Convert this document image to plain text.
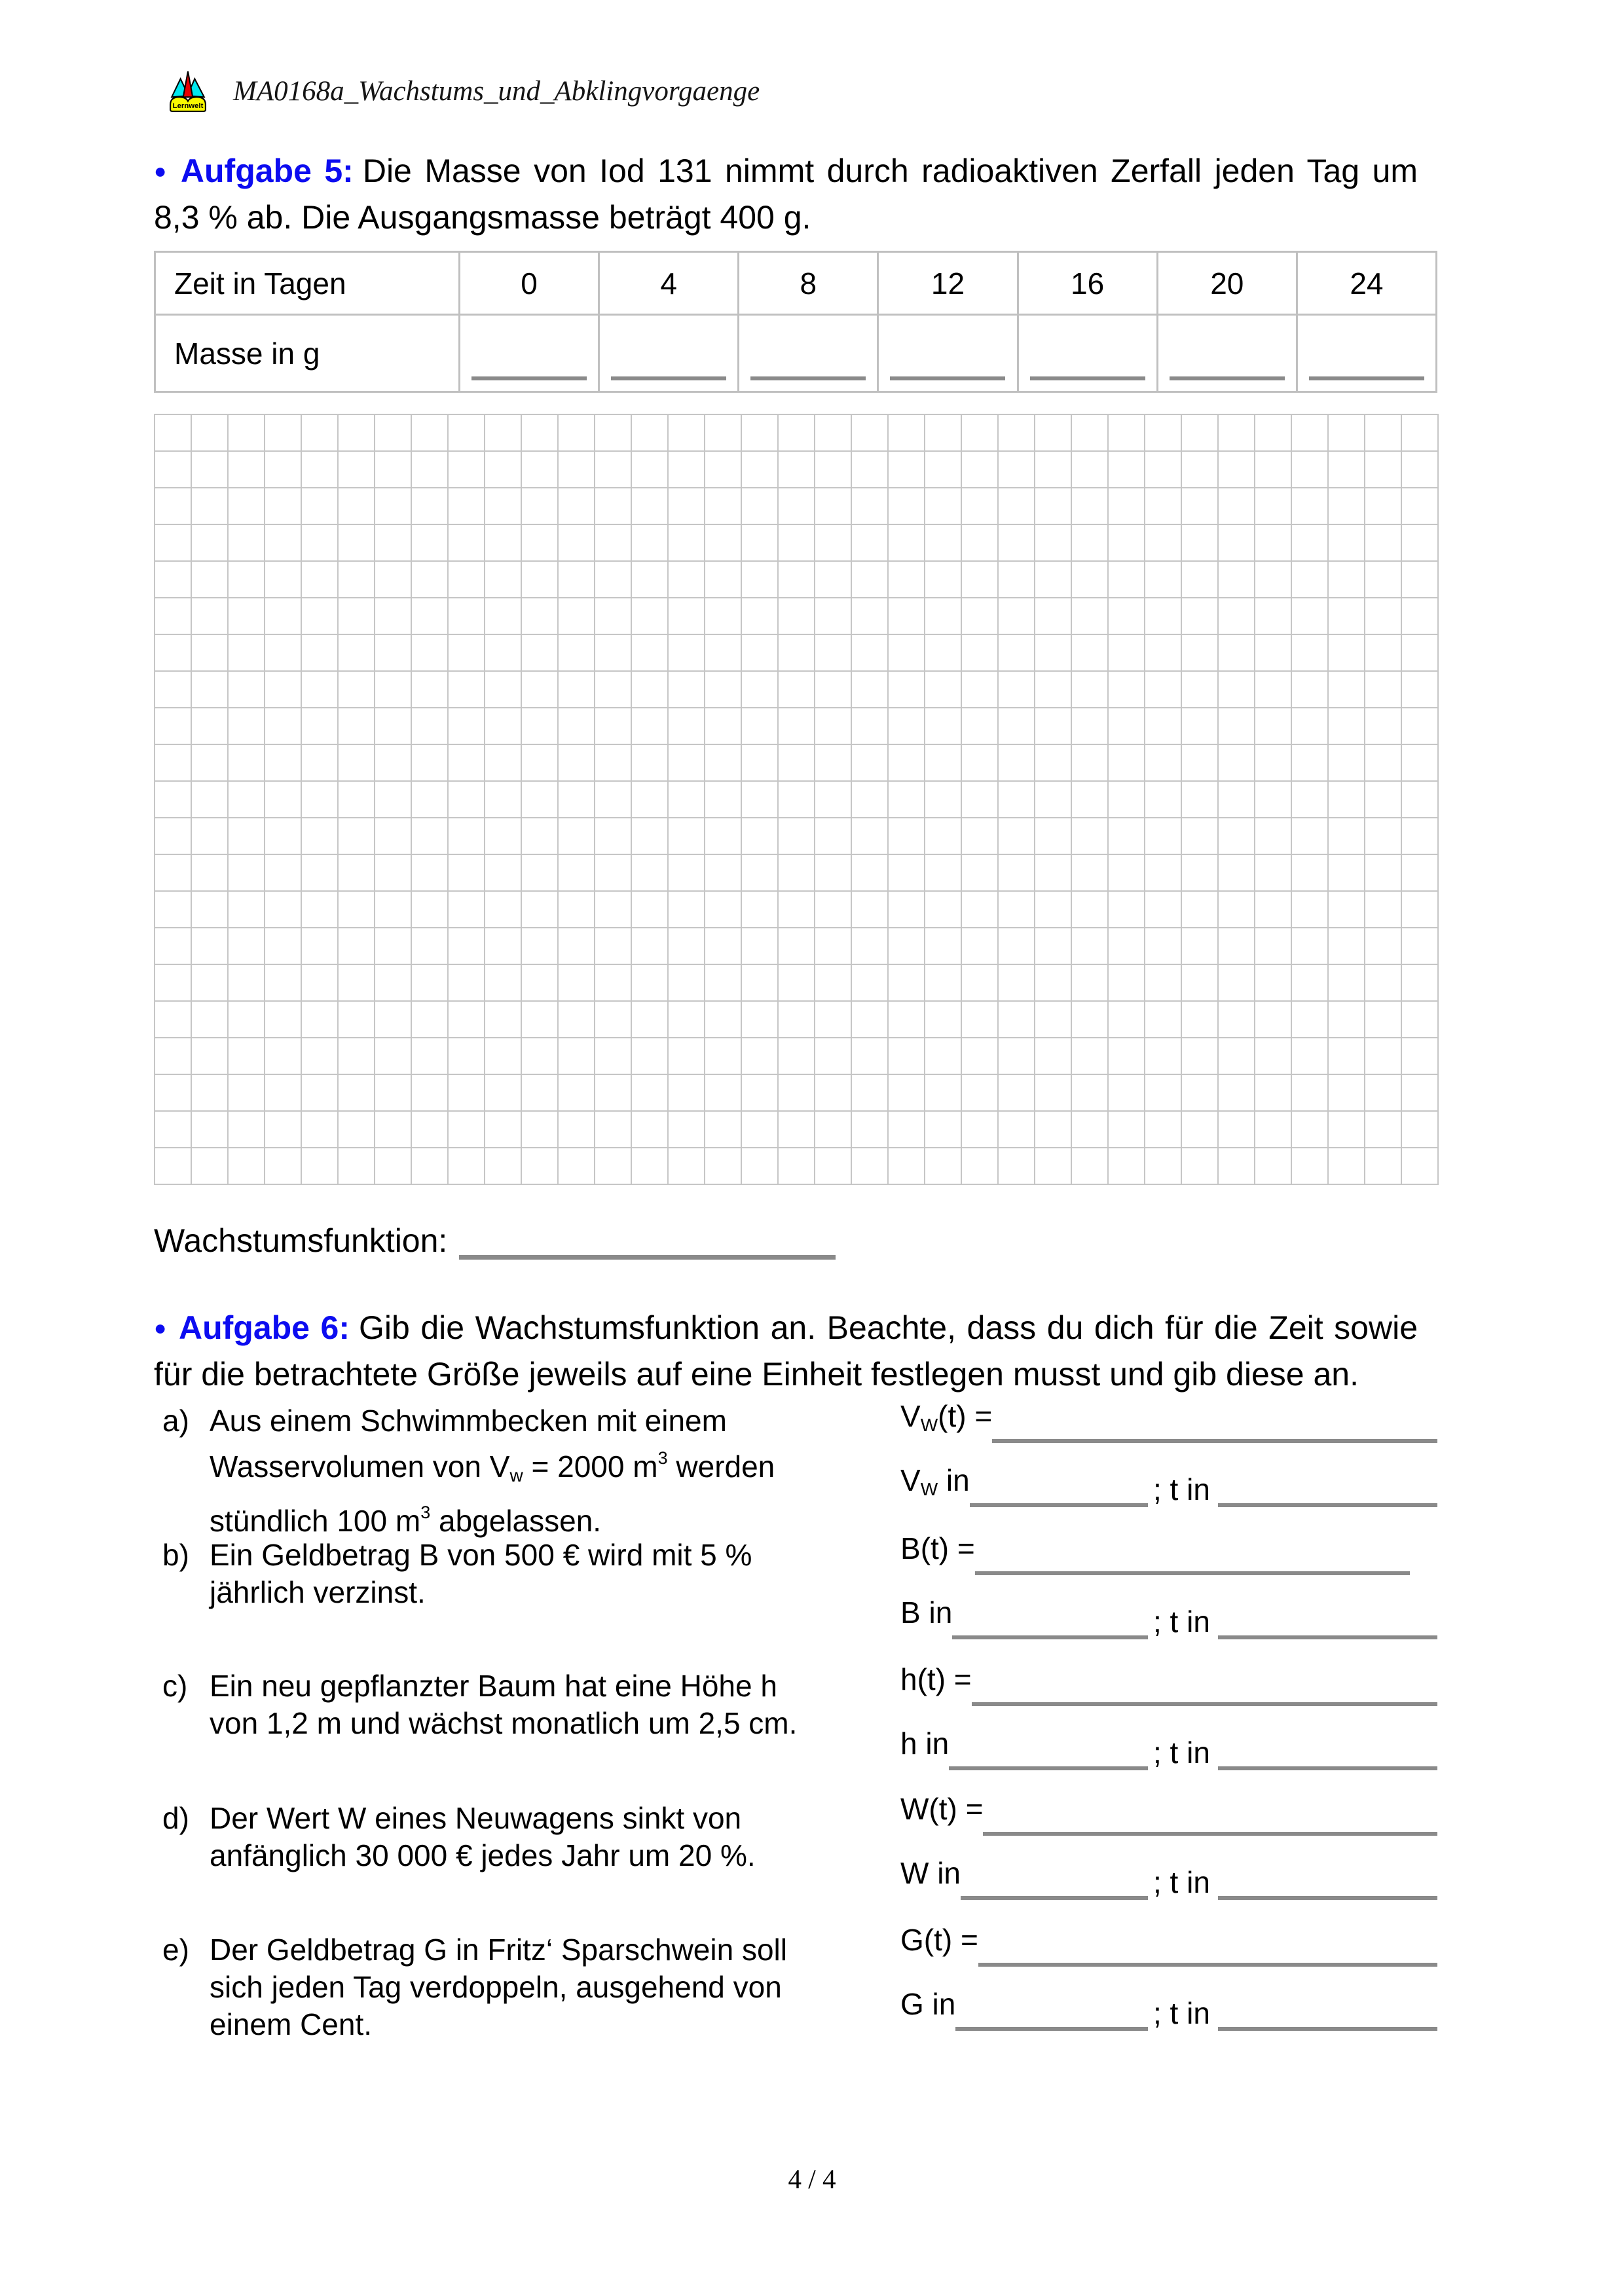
Lernwelt MA0168a_Wachstums_und_Abklingvorgaenge

● Aufgabe 5: Die Masse von Iod 131 nimmt durch radioaktiven Zerfall jeden Tag um 8,3 % ab. Die Ausgangsmasse beträgt 400 g.

Zeit in Tagen	0	4	8	12	16	20	24
Masse in g
Wachstumsfunktion:

● Aufgabe 6: Gib die Wachstumsfunktion an. Beachte, dass du dich für die Zeit sowie für die betrachtete Größe jeweils auf eine Einheit festlegen musst und gib diese an.

a) Aus einem Schwimmbecken mit einem Wasservolumen von $V_w = 2000$ $m^3$ werden stündlich 100 $m^3$ abgelassen.
b) Ein Geldbetrag B von 500 € wird mit 5 % jährlich verzinst.
c) Ein neu gepflanzter Baum hat eine Höhe h von 1,2 m und wächst monatlich um 2,5 cm.
d) Der Wert W eines Neuwagens sinkt von anfänglich 30 000 € jedes Jahr um 20 %.
e) Der Geldbetrag G in Fritz‘ Sparschwein soll sich jeden Tag verdoppeln, ausgehend von einem Cent.
$V_W(t)$ =
$V_W$ in	; t in
B(t) =
B in	; t in
h(t) =
h in	; t in
W(t) =
W in	; t in
G(t) =
G in	; t in
4 / 4
